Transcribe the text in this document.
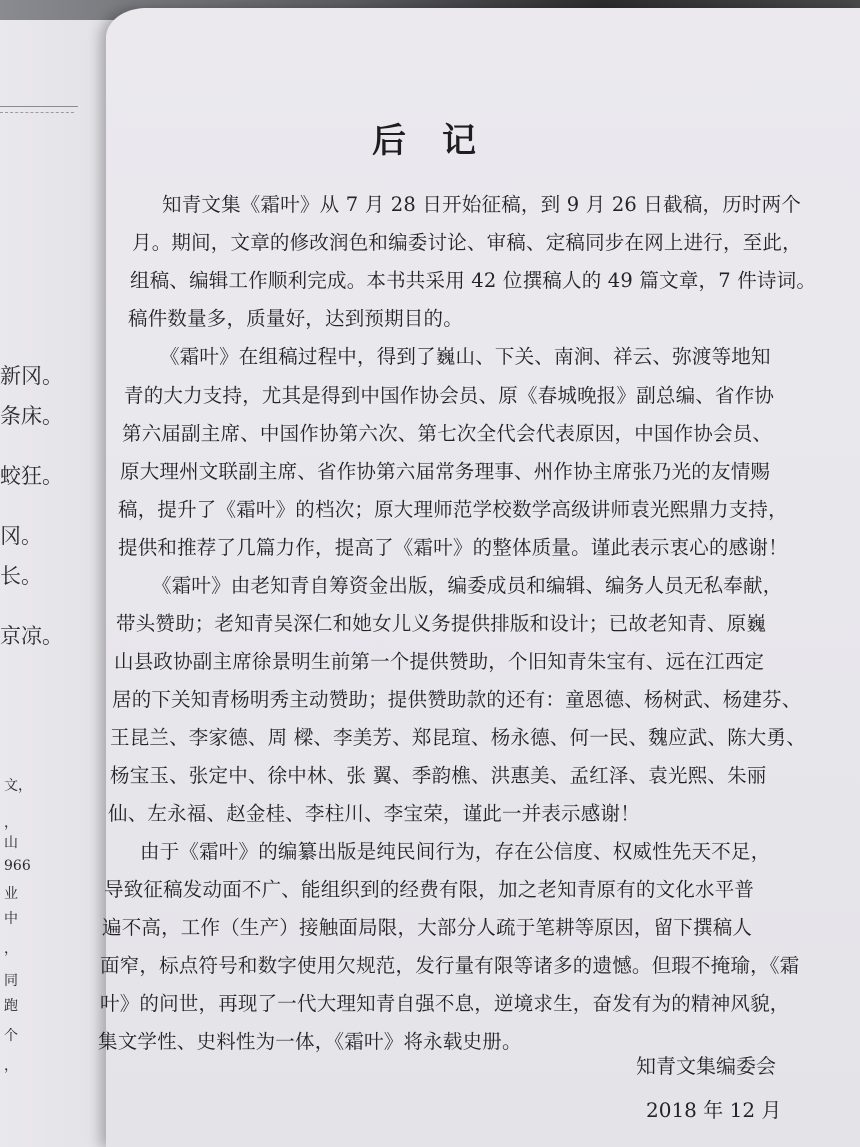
新冈。
条床。
蛟狂。
冈。
长。
京凉。
文，
，
山
966
业
中
，
同
跑
个
，
后记
知青文集《霜叶》从 7 月 28 日开始征稿，到 9 月 26 日截稿，历时两个
月。期间，文章的修改润色和编委讨论、审稿、定稿同步在网上进行，至此，
组稿、编辑工作顺利完成。本书共采用 42 位撰稿人的 49 篇文章，7 件诗词。
稿件数量多，质量好，达到预期目的。
《霜叶》在组稿过程中，得到了巍山、下关、南涧、祥云、弥渡等地知
青的大力支持，尤其是得到中国作协会员、原《春城晚报》副总编、省作协
第六届副主席、中国作协第六次、第七次全代会代表原因，中国作协会员、
原大理州文联副主席、省作协第六届常务理事、州作协主席张乃光的友情赐
稿，提升了《霜叶》的档次；原大理师范学校数学高级讲师袁光熙鼎力支持，
提供和推荐了几篇力作，提高了《霜叶》的整体质量。谨此表示衷心的感谢！
《霜叶》由老知青自筹资金出版，编委成员和编辑、编务人员无私奉献，
带头赞助；老知青吴深仁和她女儿义务提供排版和设计；已故老知青、原巍
山县政协副主席徐景明生前第一个提供赞助，个旧知青朱宝有、远在江西定
居的下关知青杨明秀主动赞助；提供赞助款的还有：童恩德、杨树武、杨建芬、
王昆兰、李家德、周 樑、李美芳、郑昆瑄、杨永德、何一民、魏应武、陈大勇、
杨宝玉、张定中、徐中林、张 翼、季韵樵、洪惠美、孟红泽、袁光熙、朱丽
仙、左永福、赵金桂、李柱川、李宝荣，谨此一并表示感谢！
由于《霜叶》的编纂出版是纯民间行为，存在公信度、权威性先天不足，
导致征稿发动面不广、能组织到的经费有限，加之老知青原有的文化水平普
遍不高，工作（生产）接触面局限，大部分人疏于笔耕等原因，留下撰稿人
面窄，标点符号和数字使用欠规范，发行量有限等诸多的遗憾。但瑕不掩瑜，《霜
叶》的问世，再现了一代大理知青自强不息，逆境求生，奋发有为的精神风貌，
集文学性、史料性为一体，《霜叶》将永载史册。
知青文集编委会
2018 年 12 月
